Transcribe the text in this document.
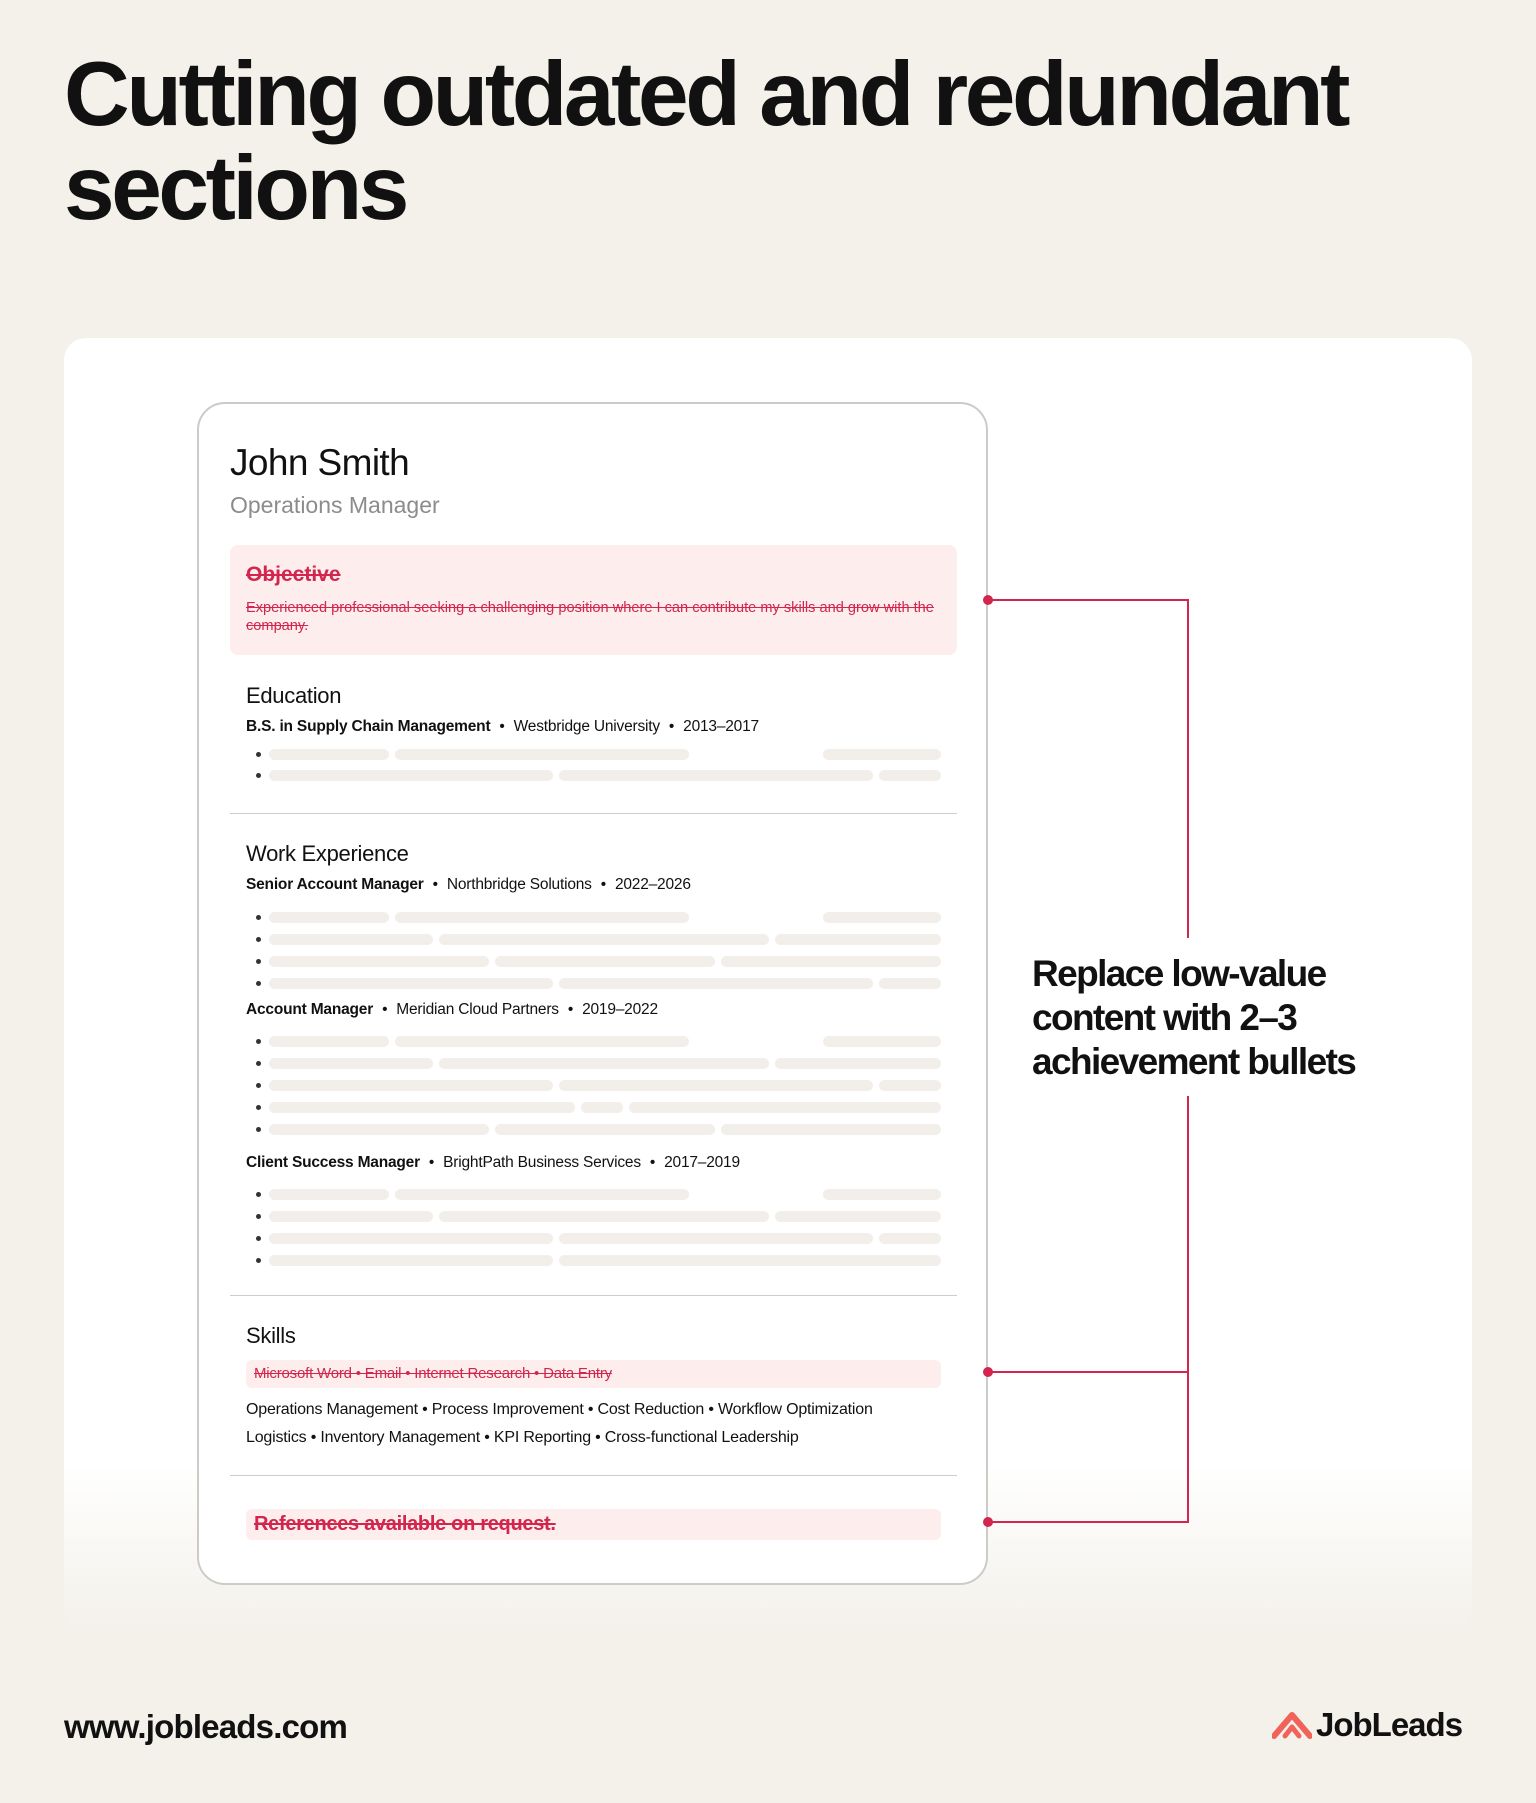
Cutting outdated and redundant sections
John Smith
Operations Manager
Objective
Experienced professional seeking a challenging position where I can contribute my skills and grow with the company.
Education
B.S. in Supply Chain Management • Westbridge University • 2013–2017
Work Experience
Senior Account Manager • Northbridge Solutions • 2022–2026
Account Manager • Meridian Cloud Partners • 2019–2022
Client Success Manager • BrightPath Business Services • 2017–2019
Skills
Microsoft Word • Email • Internet Research • Data Entry
Operations Management • Process Improvement • Cost Reduction • Workflow Optimization
Logistics • Inventory Management • KPI Reporting • Cross-functional Leadership
References available on request.

Replace low-value content with 2–3 achievement bullets

www.jobleads.com	JobLeads
